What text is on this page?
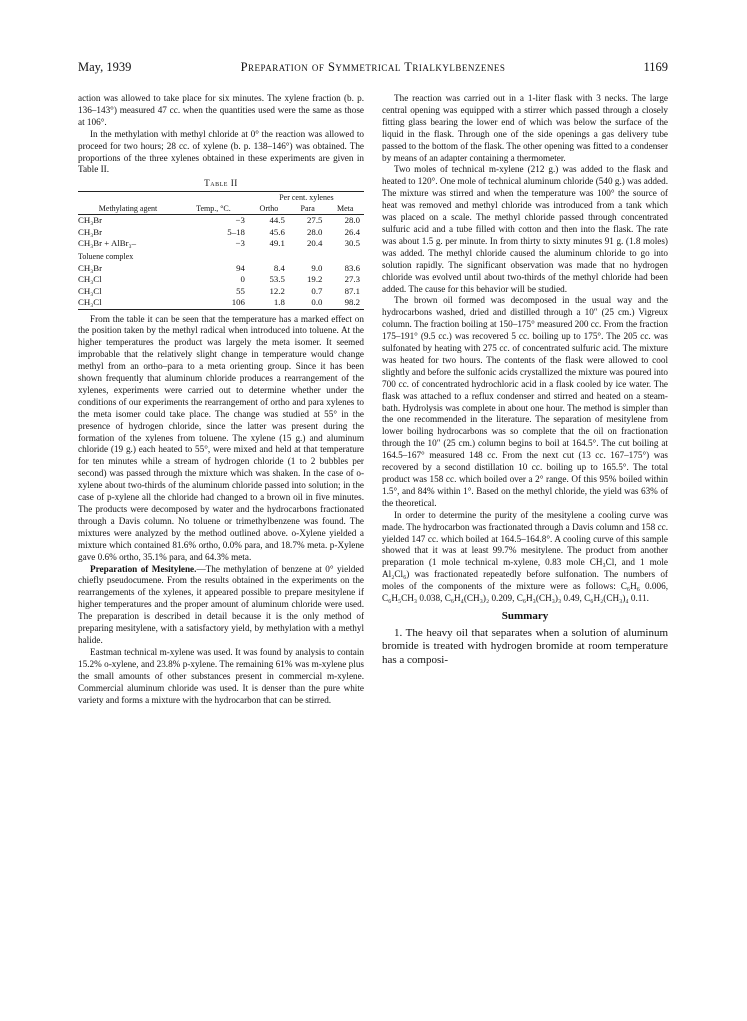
May, 1939	Preparation of Symmetrical Trialkylbenzenes	1169

action was allowed to take place for six minutes. The xylene fraction (b. p. 136–143°) measured 47 cc. when the quantities used were the same as those at 106°.

In the methylation with methyl chloride at 0° the reaction was allowed to proceed for two hours; 28 cc. of xylene (b. p. 138–146°) was obtained. The proportions of the three xylenes obtained in these experiments are given in Table II.

Table II
Methylating agent	Temp., °C.	Per cent. xylenes		
		Ortho	Para	Meta
CH₃Br	−3	44.5	27.5	28.0
CH₃Br	5–18	45.6	28.0	26.4
CH₃Br + AlBr₃–	−3	49.1	20.4	30.5
Toluene complex				
CH₃Br	94	8.4	9.0	83.6
CH₃Cl	0	53.5	19.2	27.3
CH₃Cl	55	12.2	0.7	87.1
CH₃Cl	106	1.8	0.0	98.2

From the table it can be seen that the temperature has a marked effect on the position taken by the methyl radical when introduced into toluene. At the higher temperatures the product was largely the meta isomer. It seemed improbable that the relatively slight change in temperature would change methyl from an ortho–para to a meta orienting group. Since it has been shown frequently that aluminum chloride produces a rearrangement of the xylenes, experiments were carried out to determine whether under the conditions of our experiments the rearrangement of ortho and para xylenes to the meta isomer could take place. The change was studied at 55° in the presence of hydrogen chloride, since the latter was present during the formation of the xylenes from toluene. The xylene (15 g.) and aluminum chloride (19 g.) each heated to 55°, were mixed and held at that temperature for ten minutes while a stream of hydrogen chloride (1 to 2 bubbles per second) was passed through the mixture which was shaken. In the case of o-xylene about two-thirds of the aluminum chloride passed into solution; in the case of p-xylene all the chloride had changed to a brown oil in five minutes. The products were decomposed by water and the hydrocarbons fractionated through a Davis column. No toluene or trimethylbenzene was found. The mixtures were analyzed by the method outlined above. o-Xylene yielded a mixture which contained 81.6% ortho, 0.0% para, and 18.7% meta. p-Xylene gave 0.6% ortho, 35.1% para, and 64.3% meta.

Preparation of Mesitylene.—The methylation of benzene at 0° yielded chiefly pseudocumene. From the results obtained in the experiments on the rearrangements of the xylenes, it appeared possible to prepare mesitylene if higher temperatures and the proper amount of aluminum chloride were used. The preparation is described in detail because it is the only method of preparing mesitylene, with a satisfactory yield, by methylation with a methyl halide.

Eastman technical m-xylene was used. It was found by analysis to contain 15.2% o-xylene, and 23.8% p-xylene. The remaining 61% was m-xylene plus the small amounts of other substances present in commercial m-xylene. Commercial aluminum chloride was used. It is denser than the pure white variety and forms a mixture with the hydrocarbon that can be stirred.

The reaction was carried out in a 1-liter flask with 3 necks. The large central opening was equipped with a stirrer which passed through a closely fitting glass bearing the lower end of which was below the surface of the liquid in the flask. Through one of the side openings a gas delivery tube passed to the bottom of the flask. The other opening was fitted to a condenser by means of an adapter containing a thermometer.

Two moles of technical m-xylene (212 g.) was added to the flask and heated to 120°. One mole of technical aluminum chloride (540 g.) was added. The mixture was stirred and when the temperature was 100° the source of heat was removed and methyl chloride was introduced from a tank which was placed on a scale. The methyl chloride passed through concentrated sulfuric acid and a tube filled with cotton and then into the flask. The rate was about 1.5 g. per minute. In from thirty to sixty minutes 91 g. (1.8 moles) was added. The methyl chloride caused the aluminum chloride to go into solution rapidly. The significant observation was made that no hydrogen chloride was evolved until about two-thirds of the methyl chloride had been added. The cause for this behavior will be studied.

The brown oil formed was decomposed in the usual way and the hydrocarbons washed, dried and distilled through a 10″ (25 cm.) Vigreux column. The fraction boiling at 150–175° measured 200 cc. From the fraction 175–191° (9.5 cc.) was recovered 5 cc. boiling up to 175°. The 205 cc. was sulfonated by heating with 275 cc. of concentrated sulfuric acid. The mixture was heated for two hours. The contents of the flask were allowed to cool slightly and before the sulfonic acids crystallized the mixture was poured into 700 cc. of concentrated hydrochloric acid in a flask cooled by ice water. The flask was attached to a reflux condenser and stirred and heated on a steam-bath. Hydrolysis was complete in about one hour. The method is simpler than the one recommended in the literature. The separation of mesitylene from lower boiling hydrocarbons was so complete that the oil on fractionation through the 10″ (25 cm.) column begins to boil at 164.5°. The cut boiling at 164.5–167° measured 148 cc. From the next cut (13 cc. 167–175°) was recovered by a second distillation 10 cc. boiling up to 165.5°. The total product was 158 cc. which boiled over a 2° range. Of this 95% boiled within 1.5°, and 84% within 1°. Based on the methyl chloride, the yield was 63% of the theoretical.

In order to determine the purity of the mesitylene a cooling curve was made. The hydrocarbon was fractionated through a Davis column and 158 cc. yielded 147 cc. which boiled at 164.5–164.8°. A cooling curve of this sample showed that it was at least 99.7% mesitylene. The product from another preparation (1 mole technical m-xylene, 0.83 mole CH₃Cl, and 1 mole Al₂Cl₆) was fractionated repeatedly before sulfonation. The numbers of moles of the components of the mixture were as follows: C₆H₆ 0.006, C₆H₅CH₃ 0.038, C₆H₄(CH₃)₂ 0.209, C₆H₃(CH₃)₃ 0.49, C₆H₂(CH₃)₄ 0.11.

Summary

1. The heavy oil that separates when a solution of aluminum bromide is treated with hydrogen bromide at room temperature has a composi-
